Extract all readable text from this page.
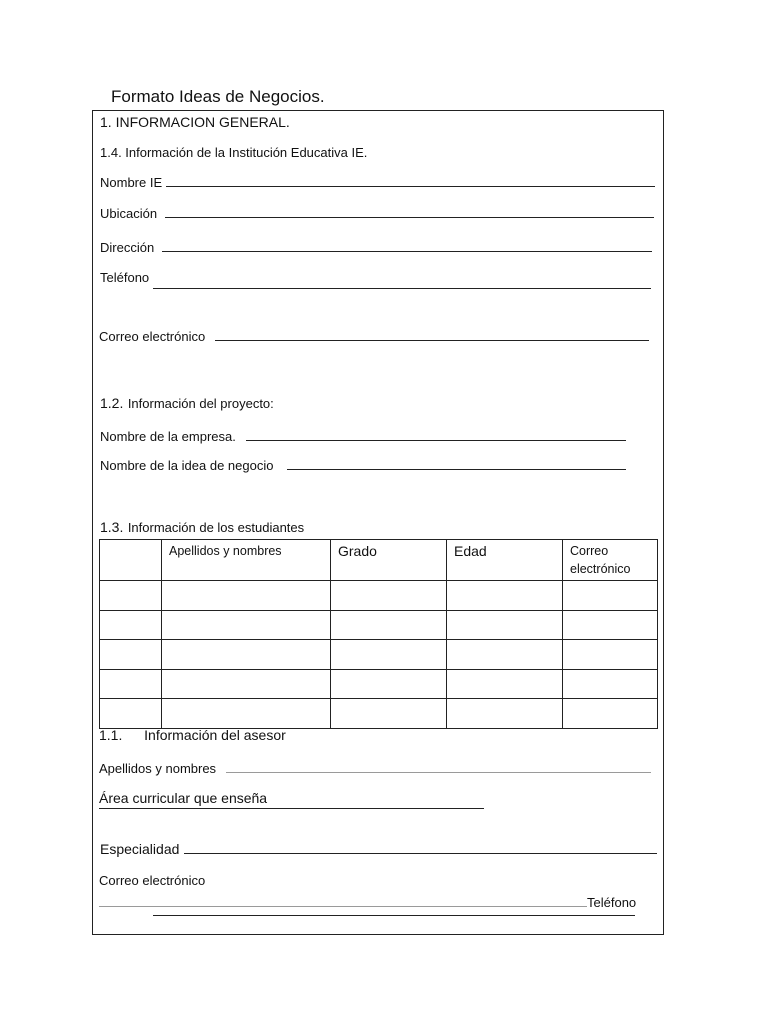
Formato Ideas de Negocios.
1. INFORMACION GENERAL.
1.4. Información de la Institución Educativa IE.
Nombre IE
Ubicación
Dirección
Teléfono
Correo electrónico
1.2. Información del proyecto:
Nombre de la empresa.
Nombre de la idea de negocio
1.3. Información de los estudiantes
	Apellidos y nombres	Grado	Edad	Correo electrónico

1.1. Información del asesor
Apellidos y nombres
Área curricular que enseña
Especialidad
Correo electrónico
Teléfono
